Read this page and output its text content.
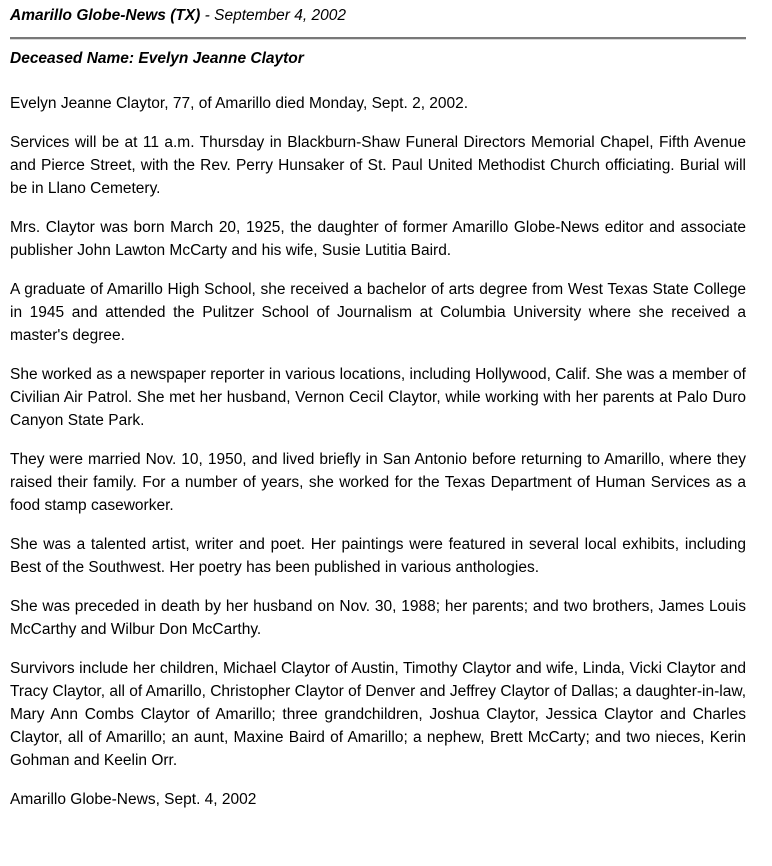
Amarillo Globe-News (TX) - September 4, 2002

Deceased Name: Evelyn Jeanne Claytor

Evelyn Jeanne Claytor, 77, of Amarillo died Monday, Sept. 2, 2002.

Services will be at 11 a.m. Thursday in Blackburn-Shaw Funeral Directors Memorial Chapel, Fifth Avenue and Pierce Street, with the Rev. Perry Hunsaker of St. Paul United Methodist Church officiating. Burial will be in Llano Cemetery.

Mrs. Claytor was born March 20, 1925, the daughter of former Amarillo Globe-News editor and associate publisher John Lawton McCarty and his wife, Susie Lutitia Baird.

A graduate of Amarillo High School, she received a bachelor of arts degree from West Texas State College in 1945 and attended the Pulitzer School of Journalism at Columbia University where she received a master's degree.

She worked as a newspaper reporter in various locations, including Hollywood, Calif. She was a member of Civilian Air Patrol. She met her husband, Vernon Cecil Claytor, while working with her parents at Palo Duro Canyon State Park.

They were married Nov. 10, 1950, and lived briefly in San Antonio before returning to Amarillo, where they raised their family. For a number of years, she worked for the Texas Department of Human Services as a food stamp caseworker.

She was a talented artist, writer and poet. Her paintings were featured in several local exhibits, including Best of the Southwest. Her poetry has been published in various anthologies.

She was preceded in death by her husband on Nov. 30, 1988; her parents; and two brothers, James Louis McCarthy and Wilbur Don McCarthy.

Survivors include her children, Michael Claytor of Austin, Timothy Claytor and wife, Linda, Vicki Claytor and Tracy Claytor, all of Amarillo, Christopher Claytor of Denver and Jeffrey Claytor of Dallas; a daughter-in-law, Mary Ann Combs Claytor of Amarillo; three grandchildren, Joshua Claytor, Jessica Claytor and Charles Claytor, all of Amarillo; an aunt, Maxine Baird of Amarillo; a nephew, Brett McCarty; and two nieces, Kerin Gohman and Keelin Orr.

Amarillo Globe-News, Sept. 4, 2002
